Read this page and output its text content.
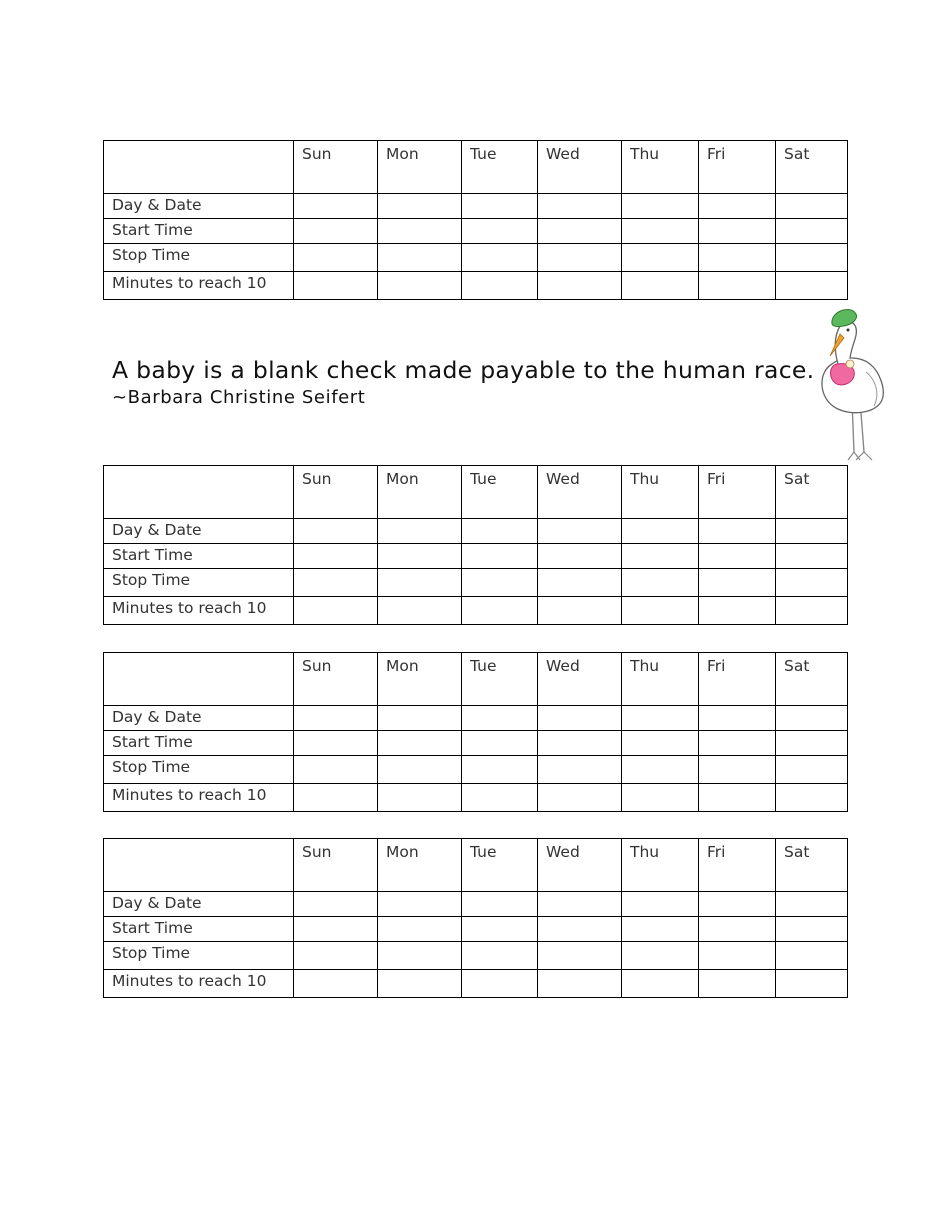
	Sun	Mon	Tue	Wed	Thu	Fri	Sat
Day & Date							
Start Time							
Stop Time							
Minutes to reach 10							
A baby is a blank check made payable to the human race.
~Barbara Christine Seifert
	Sun	Mon	Tue	Wed	Thu	Fri	Sat
Day & Date							
Start Time							
Stop Time							
Minutes to reach 10							
	Sun	Mon	Tue	Wed	Thu	Fri	Sat
Day & Date							
Start Time							
Stop Time							
Minutes to reach 10							
	Sun	Mon	Tue	Wed	Thu	Fri	Sat
Day & Date							
Start Time							
Stop Time							
Minutes to reach 10							
